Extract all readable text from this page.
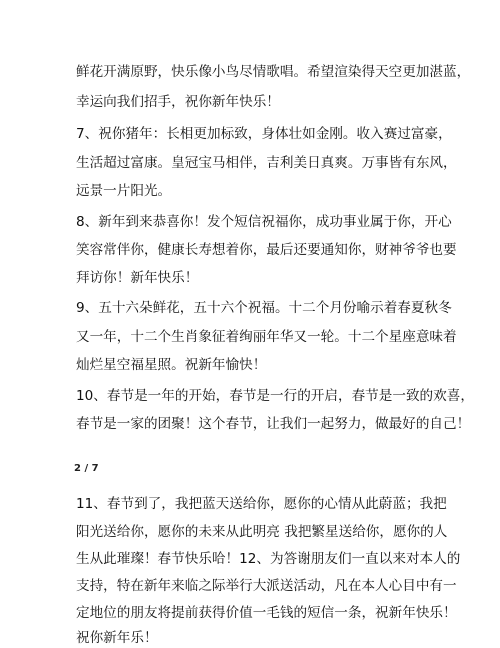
鲜花开满原野，快乐像小鸟尽情歌唱。希望渲染得天空更加湛蓝，
幸运向我们招手，祝你新年快乐！
7、祝你猪年：长相更加标致，身体壮如金刚。收入赛过富豪，
生活超过富康。皇冠宝马相伴，吉利美日真爽。万事皆有东风，
远景一片阳光。
8、新年到来恭喜你！发个短信祝福你，成功事业属于你，开心
笑容常伴你，健康长寿想着你，最后还要通知你，财神爷爷也要
拜访你！新年快乐！
9、五十六朵鲜花，五十六个祝福。十二个月份喻示着春夏秋冬
又一年，十二个生肖象征着绚丽年华又一轮。十二个星座意味着
灿烂星空福星照。祝新年愉快！
10、春节是一年的开始，春节是一行的开启，春节是一致的欢喜，
春节是一家的团聚！这个春节，让我们一起努力，做最好的自己！
2 / 7
11、春节到了，我把蓝天送给你，愿你的心情从此蔚蓝；我把
阳光送给你，愿你的未来从此明亮 我把繁星送给你，愿你的人
生从此璀璨！春节快乐哈！12、为答谢朋友们一直以来对本人的
支持，特在新年来临之际举行大派送活动，凡在本人心目中有一
定地位的朋友将提前获得价值一毛钱的短信一条，祝新年快乐！
祝你新年乐！
